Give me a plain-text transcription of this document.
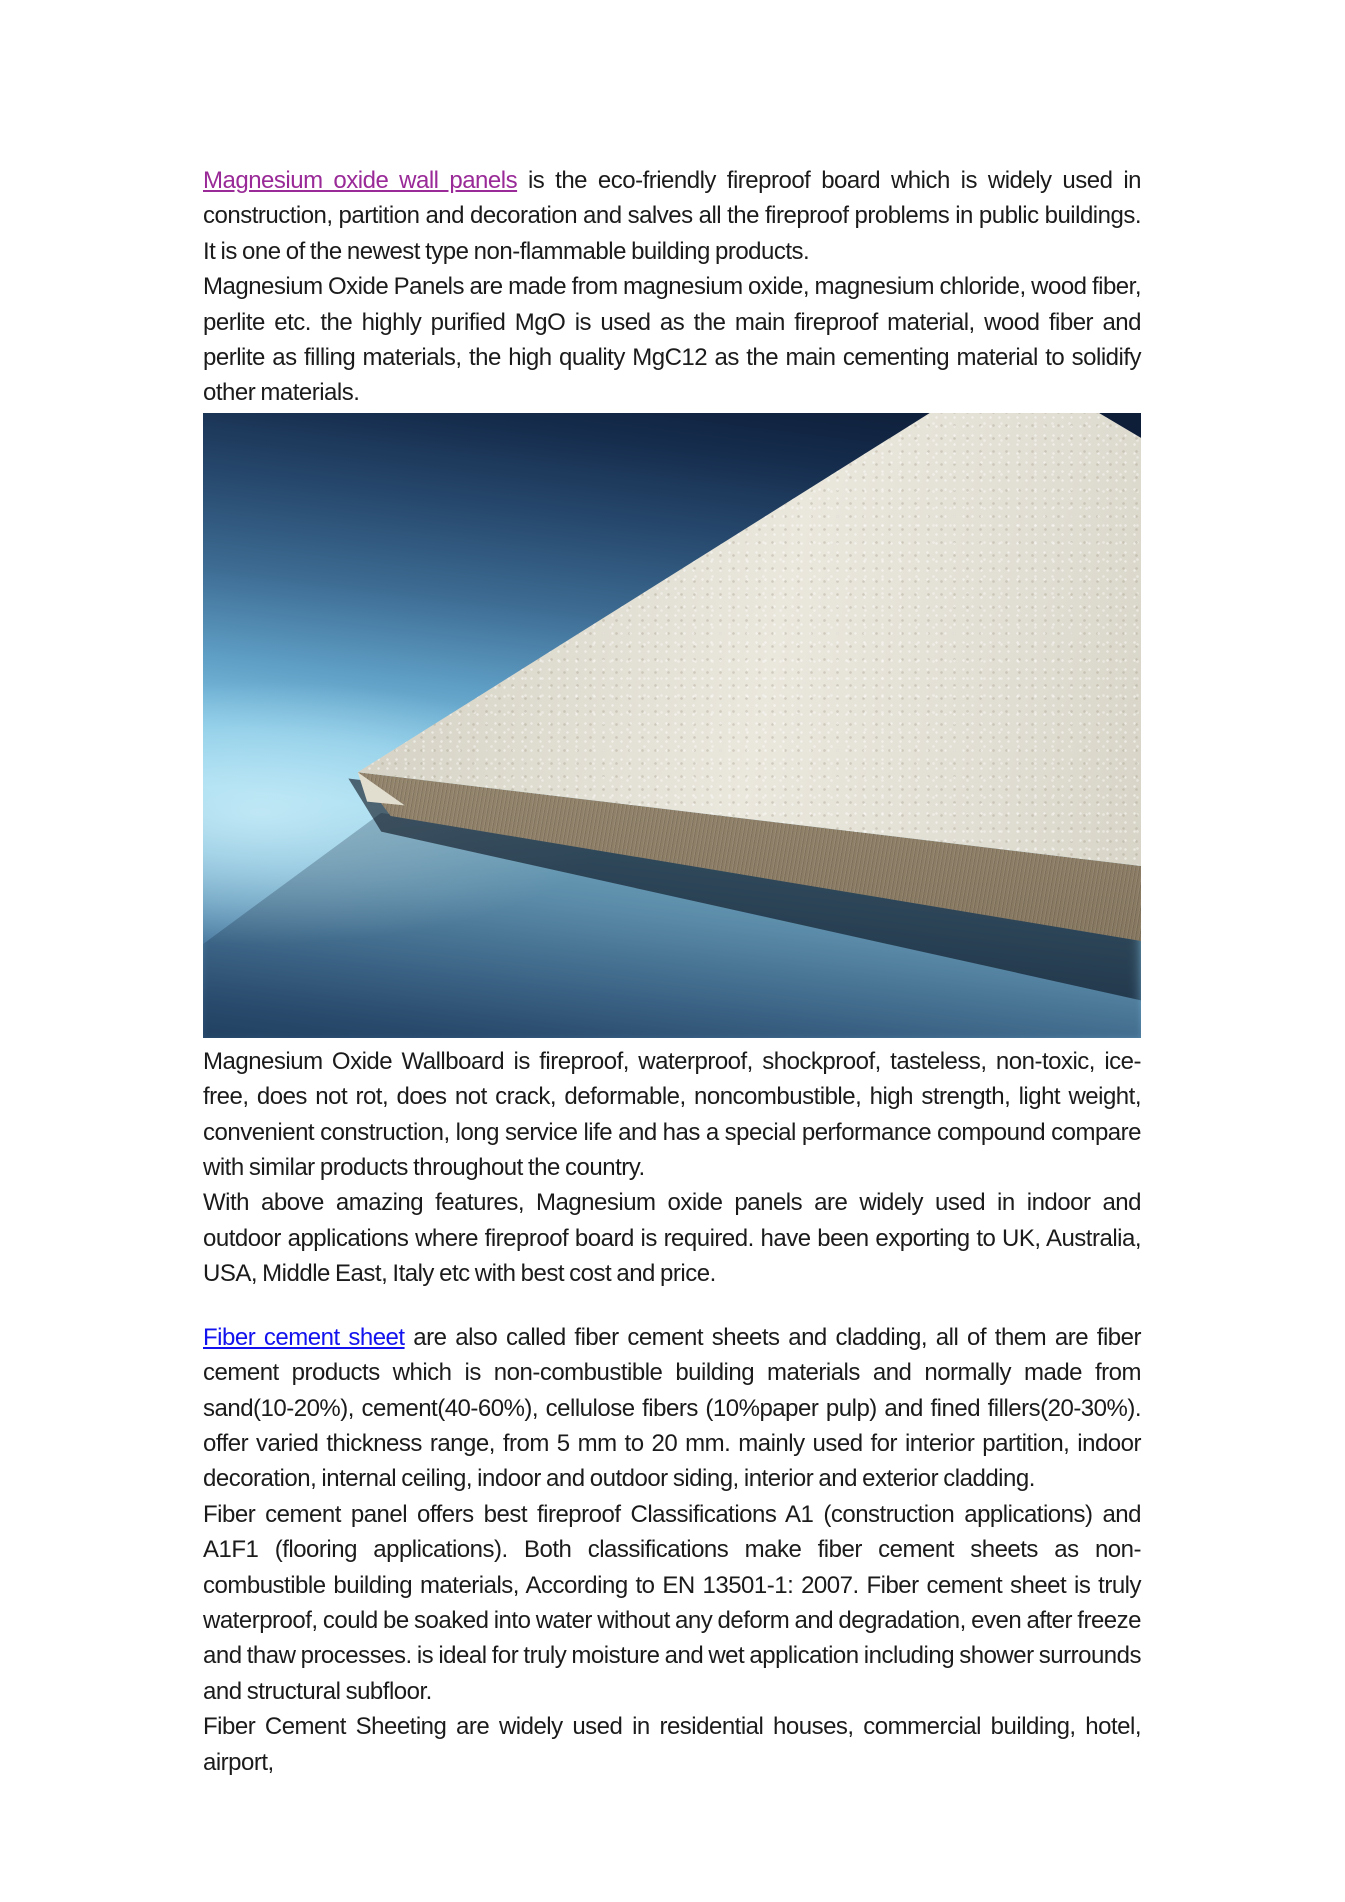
Magnesium oxide wall panels is the eco-friendly fireproof board which is widely used in construction, partition and decoration and salves all the fireproof problems in public buildings. It is one of the newest type non-flammable building products.

Magnesium Oxide Panels are made from magnesium oxide, magnesium chloride, wood fiber, perlite etc. the highly purified MgO is used as the main fireproof material, wood fiber and perlite as filling materials, the high quality MgC12 as the main cementing material to solidify other materials.

Magnesium Oxide Wallboard is fireproof, waterproof, shockproof, tasteless, non-toxic, ice-free, does not rot, does not crack, deformable, noncombustible, high strength, light weight, convenient construction, long service life and has a special performance compound compare with similar products throughout the country.

With above amazing features, Magnesium oxide panels are widely used in indoor and outdoor applications where fireproof board is required. have been exporting to UK, Australia, USA, Middle East, Italy etc with best cost and price.

Fiber cement sheet are also called fiber cement sheets and cladding, all of them are fiber cement products which is non-combustible building materials and normally made from sand(10-20%), cement(40-60%), cellulose fibers (10%paper pulp) and fined fillers(20-30%). offer varied thickness range, from 5 mm to 20 mm. mainly used for interior partition, indoor decoration, internal ceiling, indoor and outdoor siding, interior and exterior cladding.

Fiber cement panel offers best fireproof Classifications A1 (construction applications) and A1F1 (flooring applications). Both classifications make fiber cement sheets as non-combustible building materials, According to EN 13501-1: 2007. Fiber cement sheet is truly waterproof, could be soaked into water without any deform and degradation, even after freeze and thaw processes. is ideal for truly moisture and wet application including shower surrounds and structural subfloor.

Fiber Cement Sheeting are widely used in residential houses, commercial building, hotel, airport,
